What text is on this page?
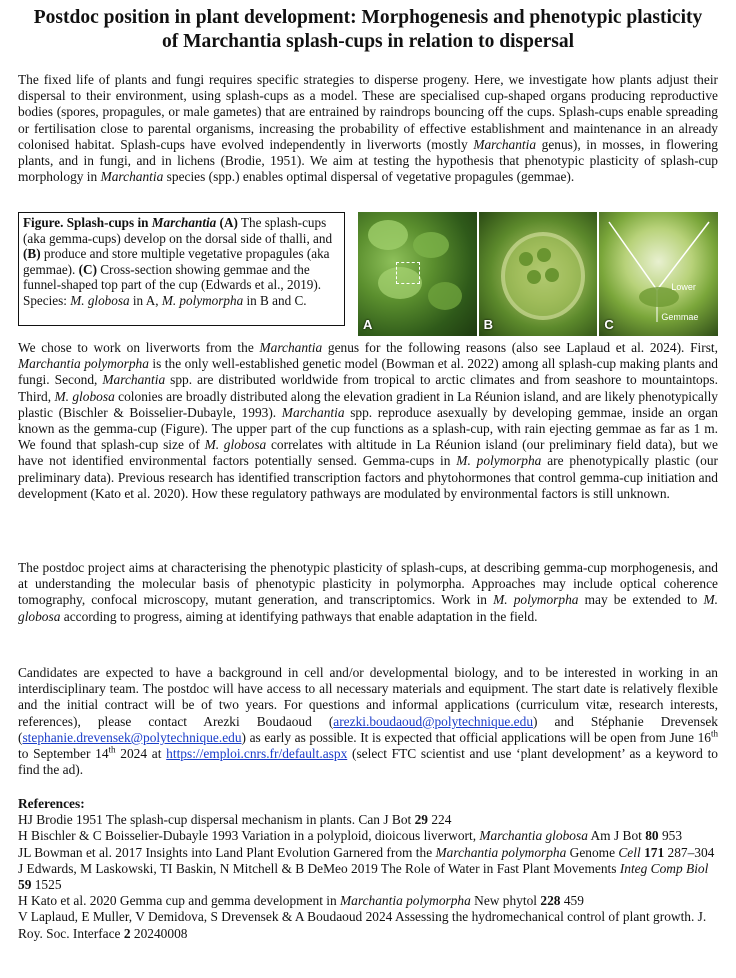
Postdoc position in plant development: Morphogenesis and phenotypic plasticity
of Marchantia splash-cups in relation to dispersal

The fixed life of plants and fungi requires specific strategies to disperse progeny. Here, we investigate how plants adjust their dispersal to their environment, using splash-cups as a model. These are specialised cup-shaped organs producing reproductive bodies (spores, propagules, or male gametes) that are entrained by raindrops bouncing off the cups. Splash-cups enable spreading or fertilisation close to parental organisms, increasing the probability of effective establishment and maintenance in an already colonised habitat. Splash-cups have evolved independently in liverworts (mostly Marchantia genus), in mosses, in flowering plants, and in fungi, and in lichens (Brodie, 1951). We aim at testing the hypothesis that phenotypic plasticity of splash-cup morphology in Marchantia species (spp.) enables optimal dispersal of vegetative propagules (gemmae).

Figure. Splash-cups in Marchantia (A) The splash-cups (aka gemma-cups) develop on the dorsal side of thalli, and (B) produce and store multiple vegetative propagules (aka gemmae). (C) Cross-section showing gemmae and the funnel-shaped top part of the cup (Edwards et al., 2019). Species: M. globosa in A, M. polymorpha in B and C.
A	B
Lower
Gemmae
C

We chose to work on liverworts from the Marchantia genus for the following reasons (also see Laplaud et al. 2024). First, Marchantia polymorpha is the only well-established genetic model (Bowman et al. 2022) among all splash-cup making plants and fungi. Second, Marchantia spp. are distributed worldwide from tropical to arctic climates and from seashore to mountaintops. Third, M. globosa colonies are broadly distributed along the elevation gradient in La Réunion island, and are likely phenotypically plastic (Bischler & Boisselier-Dubayle, 1993). Marchantia spp. reproduce asexually by developing gemmae, inside an organ known as the gemma-cup (Figure). The upper part of the cup functions as a splash-cup, with rain ejecting gemmae as far as 1 m. We found that splash-cup size of M. globosa correlates with altitude in La Réunion island (our preliminary field data), but we have not identified environmental factors potentially sensed. Gemma-cups in M. polymorpha are phenotypically plastic (our preliminary data). Previous research has identified transcription factors and phytohormones that control gemma-cup initiation and development (Kato et al. 2020). How these regulatory pathways are modulated by environmental factors is still unknown.

The postdoc project aims at characterising the phenotypic plasticity of splash-cups, at describing gemma-cup morphogenesis, and at understanding the molecular basis of phenotypic plasticity in polymorpha. Approaches may include optical coherence tomography, confocal microscopy, mutant generation, and transcriptomics. Work in M. polymorpha may be extended to M. globosa according to progress, aiming at identifying pathways that enable adaptation in the field.

Candidates are expected to have a background in cell and/or developmental biology, and to be interested in working in an interdisciplinary team. The postdoc will have access to all necessary materials and equipment. The start date is relatively flexible and the initial contract will be of two years. For questions and informal applications (curriculum vitæ, research interests, references), please contact Arezki Boudaoud (arezki.boudaoud@polytechnique.edu) and Stéphanie Drevensek (stephanie.drevensek@polytechnique.edu) as early as possible. It is expected that official applications will be open from June 16th to September 14th 2024 at https://emploi.cnrs.fr/default.aspx (select FTC scientist and use ‘plant development’ as a keyword to find the ad).

References:

HJ Brodie 1951 The splash-cup dispersal mechanism in plants. Can J Bot 29 224

H Bischler & C Boisselier-Dubayle 1993 Variation in a polyploid, dioicous liverwort, Marchantia globosa Am J Bot 80 953

JL Bowman et al. 2017 Insights into Land Plant Evolution Garnered from the Marchantia polymorpha Genome Cell 171 287–304

J Edwards, M Laskowski, TI Baskin, N Mitchell & B DeMeo 2019 The Role of Water in Fast Plant Movements Integ Comp Biol 59 1525

H Kato et al. 2020 Gemma cup and gemma development in Marchantia polymorpha New phytol 228 459

V Laplaud, E Muller, V Demidova, S Drevensek & A Boudaoud 2024 Assessing the hydromechanical control of plant growth. J. Roy. Soc. Interface 2 20240008
